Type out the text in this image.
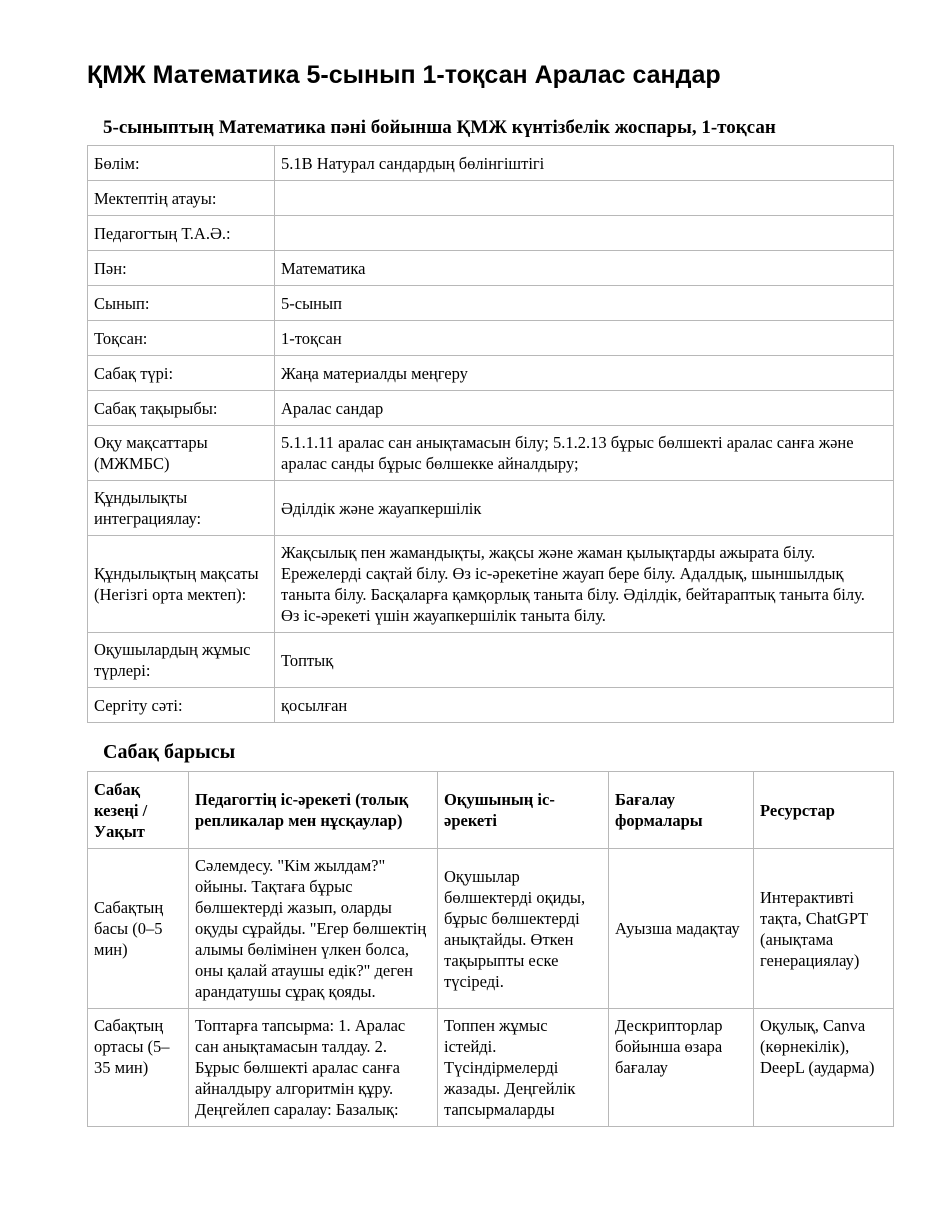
ҚМЖ Математика 5-сынып 1-тоқсан Аралас сандар
5-сыныптың Математика пәні бойынша ҚМЖ күнтізбелік жоспары, 1-тоқсан
Бөлім:	5.1В Натурал сандардың бөлінгіштігі
Мектептің атауы:	
Педагогтың Т.А.Ә.:	
Пән:	Математика
Сынып:	5-сынып
Тоқсан:	1-тоқсан
Сабақ түрі:	Жаңа материалды меңгеру
Сабақ тақырыбы:	Аралас сандар
Оқу мақсаттары (МЖМБС)	5.1.1.11 аралас сан анықтамасын білу; 5.1.2.13 бұрыс бөлшекті аралас санға және аралас санды бұрыс бөлшекке айналдыру;
Құндылықты интеграциялау:	Әділдік және жауапкершілік
Құндылықтың мақсаты (Негізгі орта мектеп):	Жақсылық пен жамандықты, жақсы және жаман қылықтарды ажырата білу. Ережелерді сақтай білу. Өз іс-әрекетіне жауап бере білу. Адалдық, шыншылдық таныта білу. Басқаларға қамқорлық таныта білу. Әділдік, бейтараптық таныта білу. Өз іс-әрекеті үшін жауапкершілік таныта білу.
Оқушылардың жұмыс түрлері:	Топтық
Сергіту сәті:	қосылған
Сабақ барысы
Сабақ кезеңі / Уақыт	Педагогтің іс-әрекеті (толық репликалар мен нұсқаулар)	Оқушының іс-әрекеті	Бағалау формалары	Ресурстар
Сабақтың басы (0–5 мин)	Сәлемдесу. "Кім жылдам?" ойыны. Тақтаға бұрыс бөлшектерді жазып, оларды оқуды сұрайды. "Егер бөлшектің алымы бөлімінен үлкен болса, оны қалай атаушы едік?" деген арандатушы сұрақ қояды.	Оқушылар бөлшектерді оқиды, бұрыс бөлшектерді анықтайды. Өткен тақырыпты еске түсіреді.	Ауызша мадақтау	Интерактивті тақта, ChatGPT (анықтама генерациялау)
Сабақтың ортасы (5–35 мин)	Топтарға тапсырма: 1. Аралас сан анықтамасын талдау. 2. Бұрыс бөлшекті аралас санға айналдыру алгоритмін құру. Деңгейлеп саралау: Базалық:	Топпен жұмыс істейді. Түсіндірмелерді жазады. Деңгейлік тапсырмаларды	Дескрипторлар бойынша өзара бағалау	Оқулық, Canva (көрнекілік), DeepL (аударма)
